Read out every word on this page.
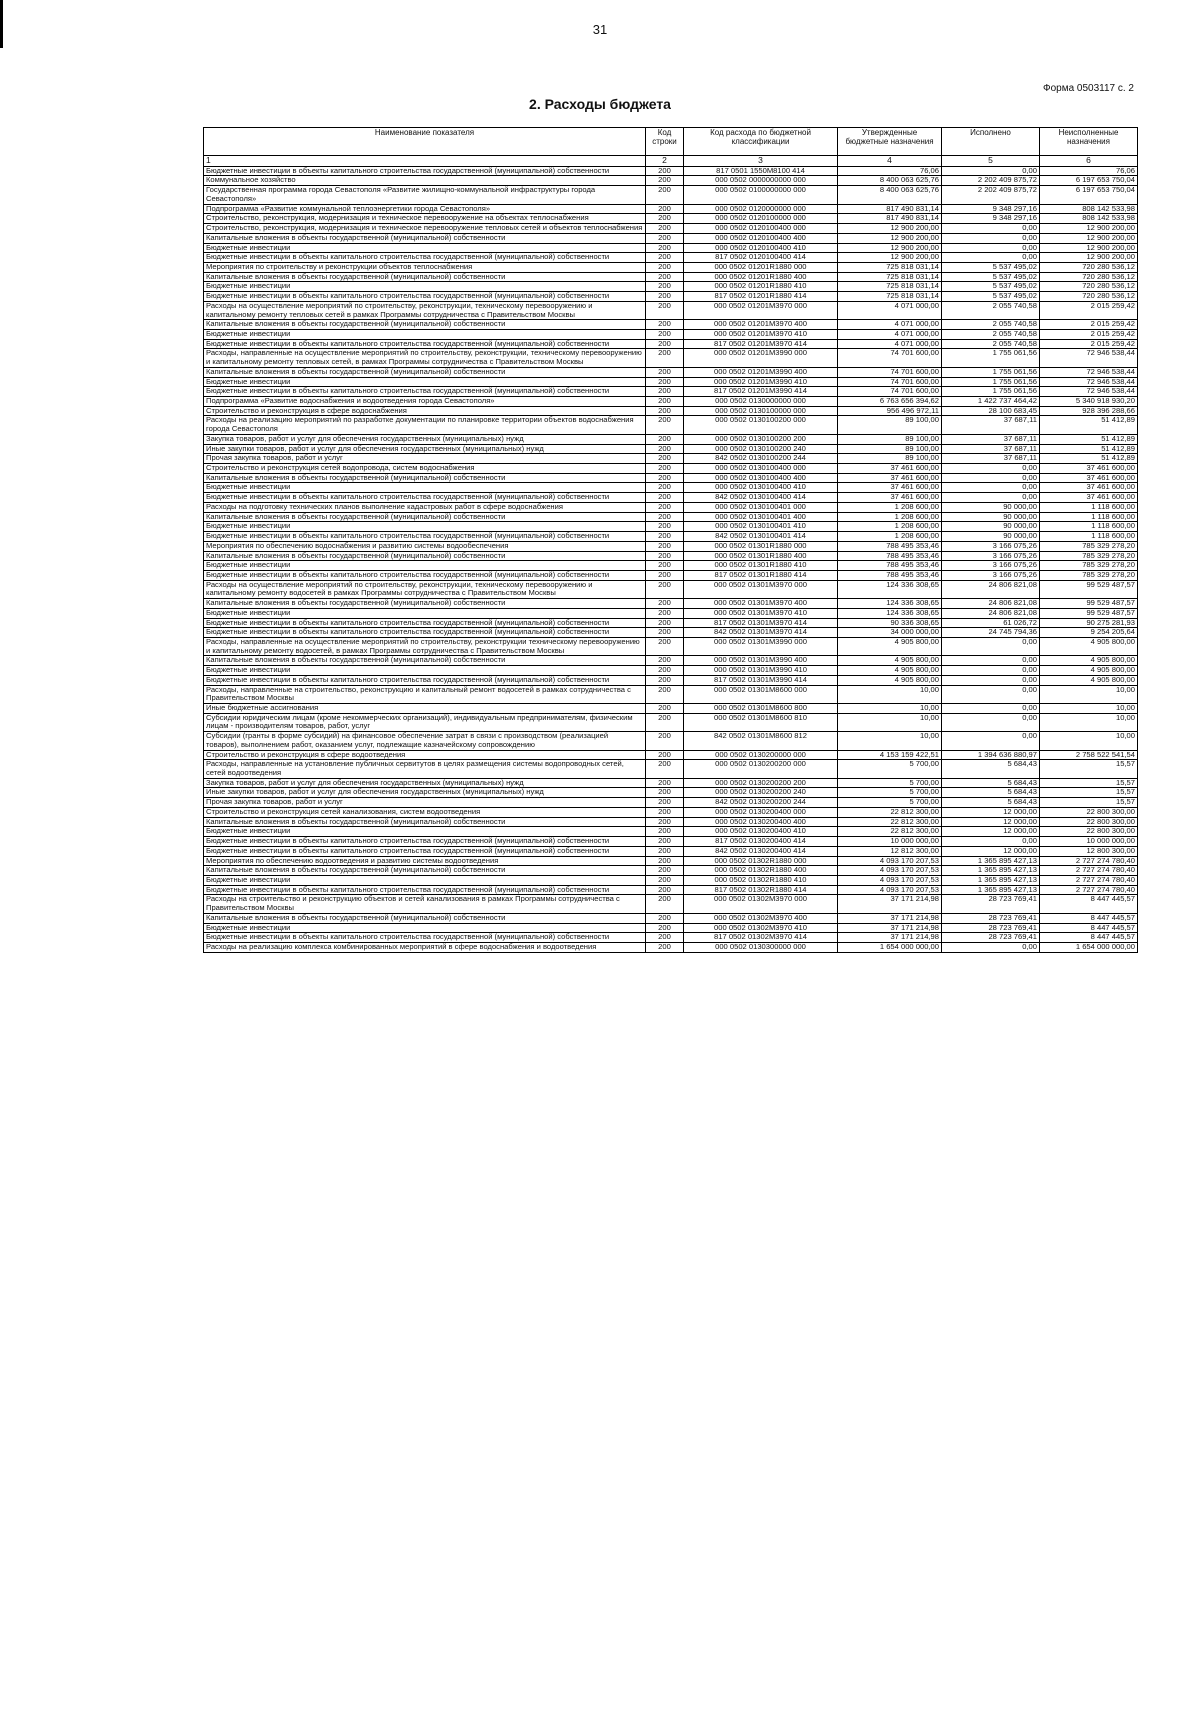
31
Форма 0503117 с. 2
2. Расходы бюджета
Наименование показателя	Код строки	Код расхода по бюджетной классификации	Утвержденные бюджетные назначения	Исполнено	Неисполненные назначения
1	2	3	4	5	6
Бюджетные инвестиции в объекты капитального строительства государственной (муниципальной) собственности	200	817 0501 1550М8100 414	76,06	0,00	76,06
Коммунальное хозяйство	200	000 0502 0000000000 000	8 400 063 625,76	2 202 409 875,72	6 197 653 750,04
Государственная программа города Севастополя «Развитие жилищно-коммунальной инфраструктуры города Севастополя»	200	000 0502 0100000000 000	8 400 063 625,76	2 202 409 875,72	6 197 653 750,04
Подпрограмма «Развитие коммунальной теплоэнергетики города Севастополя»	200	000 0502 0120000000 000	817 490 831,14	9 348 297,16	808 142 533,98
Строительство, реконструкция, модернизация и техническое перевооружение на объектах теплоснабжения	200	000 0502 0120100000 000	817 490 831,14	9 348 297,16	808 142 533,98
Строительство, реконструкция, модернизация и техническое перевооружение тепловых сетей и объектов теплоснабжения	200	000 0502 0120100400 000	12 900 200,00	0,00	12 900 200,00
Капитальные вложения в объекты государственной (муниципальной) собственности	200	000 0502 0120100400 400	12 900 200,00	0,00	12 900 200,00
Бюджетные инвестиции	200	000 0502 0120100400 410	12 900 200,00	0,00	12 900 200,00
Бюджетные инвестиции в объекты капитального строительства государственной (муниципальной) собственности	200	817 0502 0120100400 414	12 900 200,00	0,00	12 900 200,00
Мероприятия по строительству и реконструкции объектов теплоснабжения	200	000 0502 01201R1880 000	725 818 031,14	5 537 495,02	720 280 536,12
Капитальные вложения в объекты государственной (муниципальной) собственности	200	000 0502 01201R1880 400	725 818 031,14	5 537 495,02	720 280 536,12
Бюджетные инвестиции	200	000 0502 01201R1880 410	725 818 031,14	5 537 495,02	720 280 536,12
Бюджетные инвестиции в объекты капитального строительства государственной (муниципальной) собственности	200	817 0502 01201R1880 414	725 818 031,14	5 537 495,02	720 280 536,12
Расходы на осуществление мероприятий по строительству, реконструкции, техническому перевооружению и капитальному ремонту тепловых сетей в рамках Программы сотрудничества с Правительством Москвы	200	000 0502 01201М3970 000	4 071 000,00	2 055 740,58	2 015 259,42
Капитальные вложения в объекты государственной (муниципальной) собственности	200	000 0502 01201М3970 400	4 071 000,00	2 055 740,58	2 015 259,42
Бюджетные инвестиции	200	000 0502 01201М3970 410	4 071 000,00	2 055 740,58	2 015 259,42
Бюджетные инвестиции в объекты капитального строительства государственной (муниципальной) собственности	200	817 0502 01201М3970 414	4 071 000,00	2 055 740,58	2 015 259,42
Расходы, направленные на осуществление мероприятий по строительству, реконструкции, техническому перевооружению и капитальному ремонту тепловых сетей, в рамках Программы сотрудничества с Правительством Москвы	200	000 0502 01201М3990 000	74 701 600,00	1 755 061,56	72 946 538,44
Капитальные вложения в объекты государственной (муниципальной) собственности	200	000 0502 01201М3990 400	74 701 600,00	1 755 061,56	72 946 538,44
Бюджетные инвестиции	200	000 0502 01201М3990 410	74 701 600,00	1 755 061,56	72 946 538,44
Бюджетные инвестиции в объекты капитального строительства государственной (муниципальной) собственности	200	817 0502 01201М3990 414	74 701 600,00	1 755 061,56	72 946 538,44
Подпрограмма «Развитие водоснабжения и водоотведения города Севастополя»	200	000 0502 0130000000 000	6 763 656 394,62	1 422 737 464,42	5 340 918 930,20
Строительство и реконструкция в сфере водоснабжения	200	000 0502 0130100000 000	956 496 972,11	28 100 683,45	928 396 288,66
Расходы на реализацию мероприятий по разработке документации по планировке территории объектов водоснабжения города Севастополя	200	000 0502 0130100200 000	89 100,00	37 687,11	51 412,89
Закупка товаров, работ и услуг для обеспечения государственных (муниципальных) нужд	200	000 0502 0130100200 200	89 100,00	37 687,11	51 412,89
Иные закупки товаров, работ и услуг для обеспечения государственных (муниципальных) нужд	200	000 0502 0130100200 240	89 100,00	37 687,11	51 412,89
Прочая закупка товаров, работ и услуг	200	842 0502 0130100200 244	89 100,00	37 687,11	51 412,89
Строительство и реконструкция сетей водопровода, систем водоснабжения	200	000 0502 0130100400 000	37 461 600,00	0,00	37 461 600,00
Капитальные вложения в объекты государственной (муниципальной) собственности	200	000 0502 0130100400 400	37 461 600,00	0,00	37 461 600,00
Бюджетные инвестиции	200	000 0502 0130100400 410	37 461 600,00	0,00	37 461 600,00
Бюджетные инвестиции в объекты капитального строительства государственной (муниципальной) собственности	200	842 0502 0130100400 414	37 461 600,00	0,00	37 461 600,00
Расходы на подготовку технических планов выполнение кадастровых работ в сфере водоснабжения	200	000 0502 0130100401 000	1 208 600,00	90 000,00	1 118 600,00
Капитальные вложения в объекты государственной (муниципальной) собственности	200	000 0502 0130100401 400	1 208 600,00	90 000,00	1 118 600,00
Бюджетные инвестиции	200	000 0502 0130100401 410	1 208 600,00	90 000,00	1 118 600,00
Бюджетные инвестиции в объекты капитального строительства государственной (муниципальной) собственности	200	842 0502 0130100401 414	1 208 600,00	90 000,00	1 118 600,00
Мероприятия по обеспечению водоснабжения и развитию системы водообеспечения	200	000 0502 01301R1880 000	788 495 353,46	3 166 075,26	785 329 278,20
Капитальные вложения в объекты государственной (муниципальной) собственности	200	000 0502 01301R1880 400	788 495 353,46	3 166 075,26	785 329 278,20
Бюджетные инвестиции	200	000 0502 01301R1880 410	788 495 353,46	3 166 075,26	785 329 278,20
Бюджетные инвестиции в объекты капитального строительства государственной (муниципальной) собственности	200	817 0502 01301R1880 414	788 495 353,46	3 166 075,26	785 329 278,20
Расходы на осуществление мероприятий по строительству, реконструкции, техническому перевооружению и капитальному ремонту водосетей в рамках Программы сотрудничества с Правительством Москвы	200	000 0502 01301М3970 000	124 336 308,65	24 806 821,08	99 529 487,57
Капитальные вложения в объекты государственной (муниципальной) собственности	200	000 0502 01301М3970 400	124 336 308,65	24 806 821,08	99 529 487,57
Бюджетные инвестиции	200	000 0502 01301М3970 410	124 336 308,65	24 806 821,08	99 529 487,57
Бюджетные инвестиции в объекты капитального строительства государственной (муниципальной) собственности	200	817 0502 01301М3970 414	90 336 308,65	61 026,72	90 275 281,93
Бюджетные инвестиции в объекты капитального строительства государственной (муниципальной) собственности	200	842 0502 01301М3970 414	34 000 000,00	24 745 794,36	9 254 205,64
Расходы, направленные на осуществление мероприятий по строительству, реконструкции техническому перевооружению и капитальному ремонту водосетей, в рамках Программы сотрудничества с Правительством Москвы	200	000 0502 01301М3990 000	4 905 800,00	0,00	4 905 800,00
Капитальные вложения в объекты государственной (муниципальной) собственности	200	000 0502 01301М3990 400	4 905 800,00	0,00	4 905 800,00
Бюджетные инвестиции	200	000 0502 01301М3990 410	4 905 800,00	0,00	4 905 800,00
Бюджетные инвестиции в объекты капитального строительства государственной (муниципальной) собственности	200	817 0502 01301М3990 414	4 905 800,00	0,00	4 905 800,00
Расходы, направленные на строительство, реконструкцию и капитальный ремонт водосетей в рамках сотрудничества с Правительством Москвы	200	000 0502 01301М8600 000	10,00	0,00	10,00
Иные бюджетные ассигнования	200	000 0502 01301М8600 800	10,00	0,00	10,00
Субсидии юридическим лицам (кроме некоммерческих организаций), индивидуальным предпринимателям, физическим лицам - производителям товаров, работ, услуг	200	000 0502 01301М8600 810	10,00	0,00	10,00
Субсидии (гранты в форме субсидий) на финансовое обеспечение затрат в связи с производством (реализацией товаров), выполнением работ, оказанием услуг, подлежащие казначейскому сопровождению	200	842 0502 01301М8600 812	10,00	0,00	10,00
Строительство и реконструкция в сфере водоотведения	200	000 0502 0130200000 000	4 153 159 422,51	1 394 636 880,97	2 758 522 541,54
Расходы, направленные на установление публичных сервитутов в целях размещения системы водопроводных сетей, сетей водоотведения	200	000 0502 0130200200 000	5 700,00	5 684,43	15,57
Закупка товаров, работ и услуг для обеспечения государственных (муниципальных) нужд	200	000 0502 0130200200 200	5 700,00	5 684,43	15,57
Иные закупки товаров, работ и услуг для обеспечения государственных (муниципальных) нужд	200	000 0502 0130200200 240	5 700,00	5 684,43	15,57
Прочая закупка товаров, работ и услуг	200	842 0502 0130200200 244	5 700,00	5 684,43	15,57
Строительство и реконструкция сетей канализования, систем водоотведения	200	000 0502 0130200400 000	22 812 300,00	12 000,00	22 800 300,00
Капитальные вложения в объекты государственной (муниципальной) собственности	200	000 0502 0130200400 400	22 812 300,00	12 000,00	22 800 300,00
Бюджетные инвестиции	200	000 0502 0130200400 410	22 812 300,00	12 000,00	22 800 300,00
Бюджетные инвестиции в объекты капитального строительства государственной (муниципальной) собственности	200	817 0502 0130200400 414	10 000 000,00	0,00	10 000 000,00
Бюджетные инвестиции в объекты капитального строительства государственной (муниципальной) собственности	200	842 0502 0130200400 414	12 812 300,00	12 000,00	12 800 300,00
Мероприятия по обеспечению водоотведения и развитию системы водоотведения	200	000 0502 01302R1880 000	4 093 170 207,53	1 365 895 427,13	2 727 274 780,40
Капитальные вложения в объекты государственной (муниципальной) собственности	200	000 0502 01302R1880 400	4 093 170 207,53	1 365 895 427,13	2 727 274 780,40
Бюджетные инвестиции	200	000 0502 01302R1880 410	4 093 170 207,53	1 365 895 427,13	2 727 274 780,40
Бюджетные инвестиции в объекты капитального строительства государственной (муниципальной) собственности	200	817 0502 01302R1880 414	4 093 170 207,53	1 365 895 427,13	2 727 274 780,40
Расходы на строительство и реконструкцию объектов и сетей канализования в рамках Программы сотрудничества с Правительством Москвы	200	000 0502 01302М3970 000	37 171 214,98	28 723 769,41	8 447 445,57
Капитальные вложения в объекты государственной (муниципальной) собственности	200	000 0502 01302М3970 400	37 171 214,98	28 723 769,41	8 447 445,57
Бюджетные инвестиции	200	000 0502 01302М3970 410	37 171 214,98	28 723 769,41	8 447 445,57
Бюджетные инвестиции в объекты капитального строительства государственной (муниципальной) собственности	200	817 0502 01302М3970 414	37 171 214,98	28 723 769,41	8 447 445,57
Расходы на реализацию комплекса комбинированных мероприятий в сфере водоснабжения и водоотведения	200	000 0502 0130300000 000	1 654 000 000,00	0,00	1 654 000 000,00
